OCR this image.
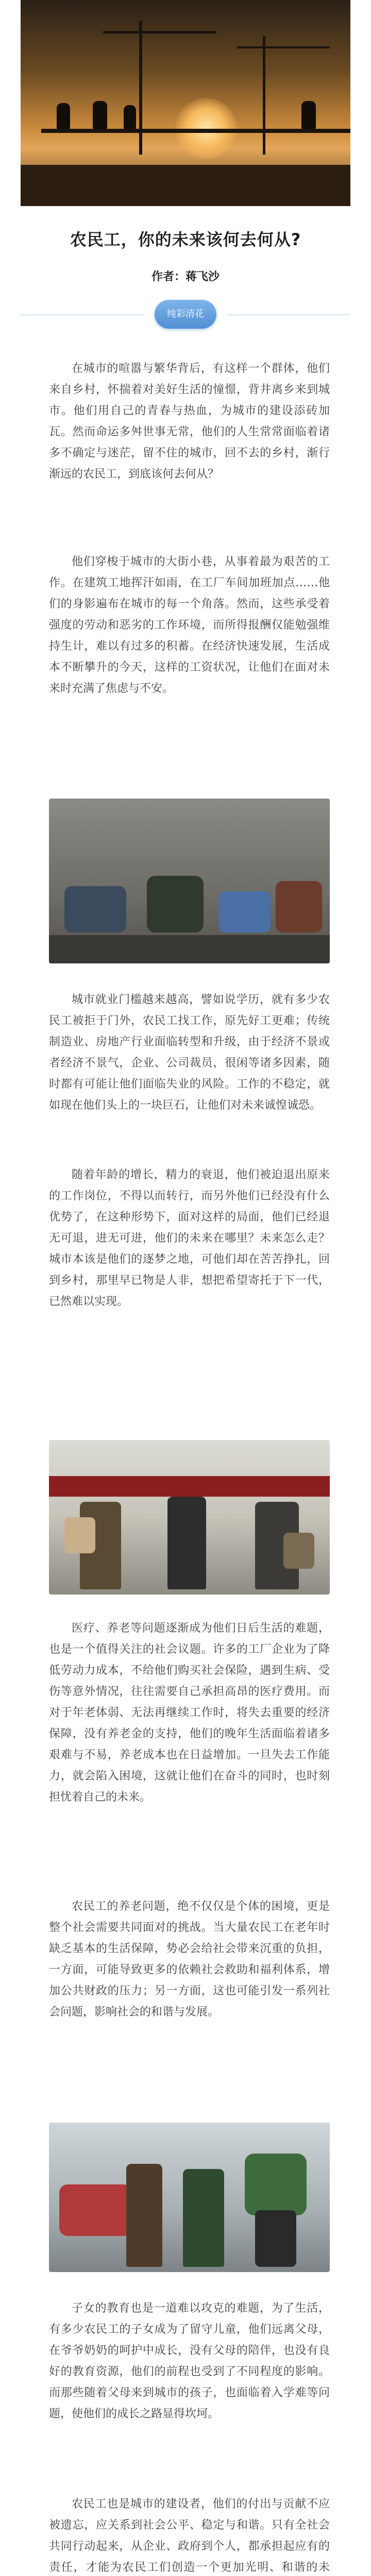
农民工，你的未来该何去何从?
作者：蒋飞沙
纯彩清花

在城市的喧嚣与繁华背后，有这样一个群体，他们来自乡村，怀揣着对美好生活的憧憬，背井离乡来到城市。他们用自己的青春与热血，为城市的建设添砖加瓦。然而命运多舛世事无常，他们的人生常常面临着诸多不确定与迷茫，留不住的城市，回不去的乡村，渐行渐远的农民工，到底该何去何从？

他们穿梭于城市的大街小巷，从事着最为艰苦的工作。在建筑工地挥汗如雨，在工厂车间加班加点……他们的身影遍布在城市的每一个角落。然而，这些承受着强度的劳动和恶劣的工作环境，而所得报酬仅能勉强维持生计，难以有过多的积蓄。在经济快速发展，生活成本不断攀升的今天，这样的工资状况，让他们在面对未来时充满了焦虑与不安。

城市就业门槛越来越高，譬如说学历，就有多少农民工被拒于门外，农民工找工作，原先好工更难；传统制造业、房地产行业面临转型和升级，由于经济不景或者经济不景气，企业、公司裁员，很闲等诸多因素，随时都有可能让他们面临失业的风险。工作的不稳定，就如现在他们头上的一块巨石，让他们对未来诚惶诚恐。

随着年龄的增长，精力的衰退，他们被迫退出原来的工作岗位，不得以而转行，而另外他们已经没有什么优势了，在这种形势下，面对这样的局面，他们已经退无可退，进无可进，他们的未来在哪里？未来怎么走？城市本该是他们的逐梦之地，可他们却在苦苦挣扎，回到乡村，那里早已物是人非，想把希望寄托于下一代，已然难以实现。

医疗、养老等问题逐渐成为他们日后生活的难题，也是一个值得关注的社会议题。许多的工厂企业为了降低劳动力成本，不给他们购买社会保险，遇到生病、受伤等意外情况，往往需要自己承担高昂的医疗费用。而对于年老体弱、无法再继续工作时，将失去重要的经济保障，没有养老金的支持，他们的晚年生活面临着诸多艰难与不易，养老成本也在日益增加。一旦失去工作能力，就会陷入困境，这就让他们在奋斗的同时，也时刻担忧着自己的未来。

农民工的养老问题，绝不仅仅是个体的困境，更是整个社会需要共同面对的挑战。当大量农民工在老年时缺乏基本的生活保障，势必会给社会带来沉重的负担，一方面，可能导致更多的依赖社会救助和福利体系，增加公共财政的压力；另一方面，这也可能引发一系列社会问题，影响社会的和谐与发展。

子女的教育也是一道难以攻克的难题，为了生活，有多少农民工的子女成为了留守儿童，他们远离父母，在爷爷奶奶的呵护中成长，没有父母的陪伴，也没有良好的教育资源，他们的前程也受到了不同程度的影响。而那些随着父母来到城市的孩子，也面临着入学难等问题，使他们的成长之路显得坎坷。

农民工也是城市的建设者，他们的付出与贡献不应被遗忘，应关系到社会公平、稳定与和谐。只有全社会共同行动起来，从企业、政府到个人，都承担起应有的责任，才能为农民工们创造一个更加光明、和谐的未
